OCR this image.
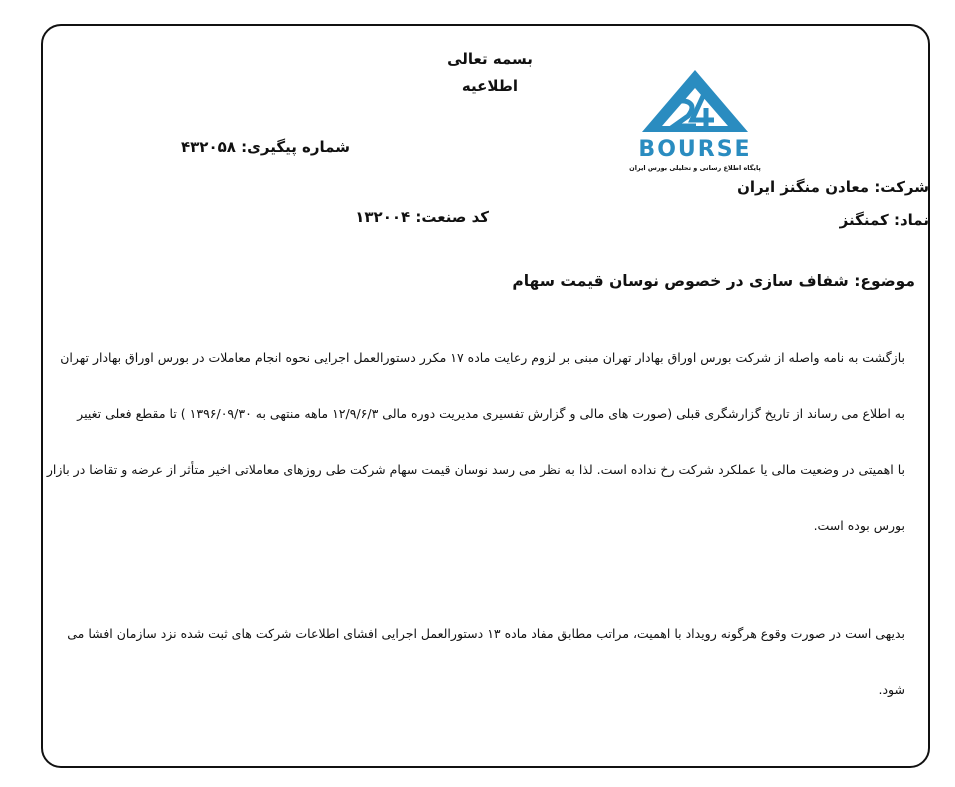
بسمه تعالی
اطلاعیه
BOURSE
پایگاه اطلاع رسانی و تحلیلی بورس ایران
شماره پیگیری: ۴۳۲۰۵۸
شرکت: معادن منگنز ایران
نماد: کمنگنز
کد صنعت: ۱۳۲۰۰۴
موضوع: شفاف سازی در خصوص نوسان قیمت سهام
بازگشت به نامه واصله از شرکت بورس اوراق بهادار تهران مبنی بر لزوم رعایت ماده ۱۷ مکرر دستورالعمل اجرایی نحوه انجام معاملات در بورس اوراق بهادار تهران
به اطلاع می رساند از تاریخ گزارشگری قبلی (صورت های مالی و گزارش تفسیری مدیریت دوره مالی ۱۲/۹/۶/۳ ماهه منتهی به ۱۳۹۶/۰۹/۳۰ ) تا مقطع فعلی تغییر
با اهمیتی در وضعیت مالی یا عملکرد شرکت رخ نداده است. لذا به نظر می رسد نوسان قیمت سهام شرکت طی روزهای معاملاتی اخیر متأثر از عرضه و تقاضا در بازار
بورس بوده است.
بدیهی است در صورت وقوع هرگونه رویداد با اهمیت، مراتب مطابق مفاد ماده ۱۳ دستورالعمل اجرایی افشای اطلاعات شرکت های ثبت شده نزد سازمان افشا می
شود.
